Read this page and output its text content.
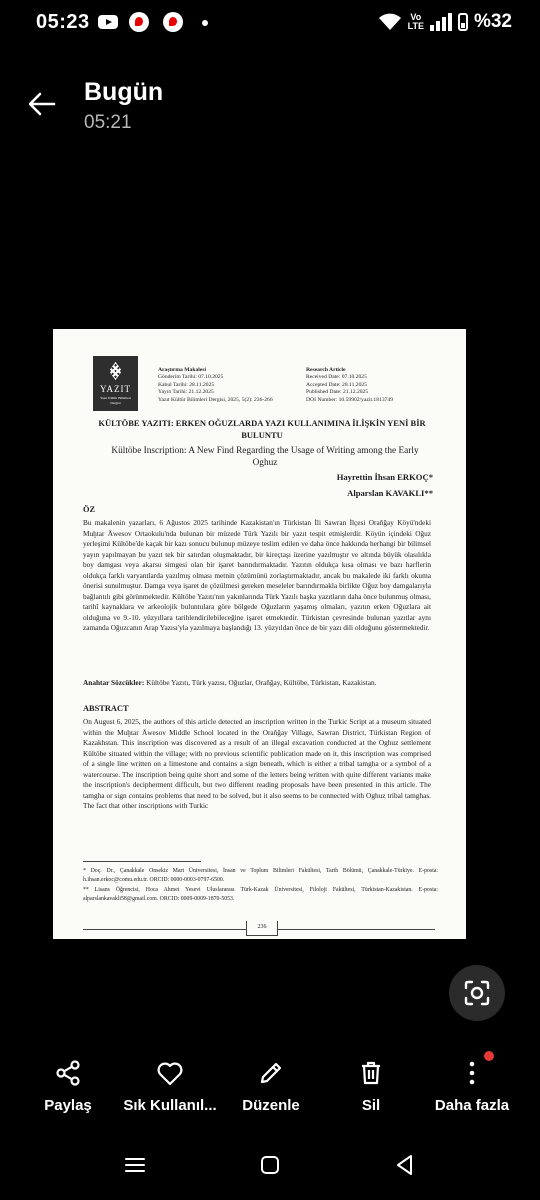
05:23	Vo
LTE	%32
Bugün
05:21
YAZIT
Yazıt Kültür Bilimleri Dergisi
Araştırma Makalesi
Gönderim Tarihi: 07.10.2025
Kabul Tarihi: 28.11.2025
Yayın Tarihi: 21.12.2025
Yazıt Kültür Bilimleri Dergisi, 2025, 5(2): 236-266
Research Article
Received Date: 07.10.2025
Accepted Date: 28.11.2025
Published Date: 21.12.2025
DOI Number: 10.59902/yazit.1813749
KÜLTÖBE YAZITI: ERKEN OĞUZLARDA YAZI KULLANIMINA İLİŞKİN YENİ BİR BULUNTU
Kültöbe Inscription: A New Find Regarding the Usage of Writing among the Early Oghuz
Hayrettin İhsan ERKOÇ*
Alparslan KAVAKLI**
ÖZ
Bu makalenin yazarları, 6 Ağustos 2025 tarihinde Kazakistan'ın Türkistan İli Sawran İlçesi Orañğay Köyü'ndeki Muḫtar Äwesov Ortaokulu'nda bulunan bir müzede Türk Yazılı bir yazıt tespit etmişlerdir. Köyün içindeki Oğuz yerleşimi Kültöbe'de kaçak bir kazı sonucu bulunup müzeye teslim edilen ve daha önce hakkında herhangi bir bilimsel yayın yapılmayan bu yazıt tek bir satırdan oluşmaktadır, bir kireçtaşı üzerine yazılmıştır ve altında büyük olasılıkla boy damgası veya akarsu simgesi olan bir işaret barındırmaktadır. Yazıtın oldukça kısa olması ve bazı harflerin oldukça farklı varyantlarda yazılmış olması metnin çözümünü zorlaştırmaktadır, ancak bu makalede iki farklı okuma önerisi sunulmuştur. Damga veya işaret de çözülmesi gereken meseleler barındırmakla birlikte Oğuz boy damgalarıyla bağlantılı gibi görünmektedir. Kültöbe Yazıtı'nın yakınlarında Türk Yazılı başka yazıtların daha önce bulunmuş olması, tarihî kaynaklara ve arkeolojik buluntulara göre bölgede Oğuzların yaşamış olmaları, yazıtın erken Oğuzlara ait olduğuna ve 9.-10. yüzyıllara tarihlendirilebileceğine işaret etmektedir. Türkistan çevresinde bulunan yazıtlar aynı zamanda Oğuzcanın Arap Yazısı'yla yazılmaya başlandığı 13. yüzyıldan önce de bir yazı dili olduğunu göstermektedir.
Anahtar Sözcükler: Kültöbe Yazıtı, Türk yazısı, Oğuzlar, Orañğay, Kültöbe, Türkistan, Kazakistan.
ABSTRACT
On August 6, 2025, the authors of this article detected an inscription written in the Turkic Script at a museum situated within the Muḫtar Äwesov Middle School located in the Orañğay Village, Sawran District, Türkistan Region of Kazakhstan. This inscription was discovered as a result of an illegal excavation conducted at the Oghuz settlement Kültöbe situated within the village; with no previous scientific publication made on it, this inscription was comprised of a single line written on a limestone and contains a sign beneath, which is either a tribal tamgha or a symbol of a watercourse. The inscription being quite short and some of the letters being written with quite different variants make the inscription's decipherment difficult, but two different reading proposals have been presented in this article. The tamgha or sign contains problems that need to be solved, but it also seems to be connected with Oghuz tribal tamghas. The fact that other inscriptions with Turkic
* Doç. Dr., Çanakkale Onsekiz Mart Üniversitesi, İnsan ve Toplum Bilimleri Fakültesi, Tarih Bölümü, Çanakkale-Türkiye. E-posta: h.ihsan.erkoc@comu.edu.tr. ORCID: 0000-0003-0797-6500.
** Lisans Öğrencisi, Hoca Ahmet Yesevi Uluslararası Türk-Kazak Üniversitesi, Filoloji Fakültesi, Türkistan-Kazakistan. E-posta: alparslankavakli58@gmail.com. ORCID: 0009-0009-1870-5053.
236
Paylaş	Sık Kullanıl...	Düzenle	Sil	Daha fazla
